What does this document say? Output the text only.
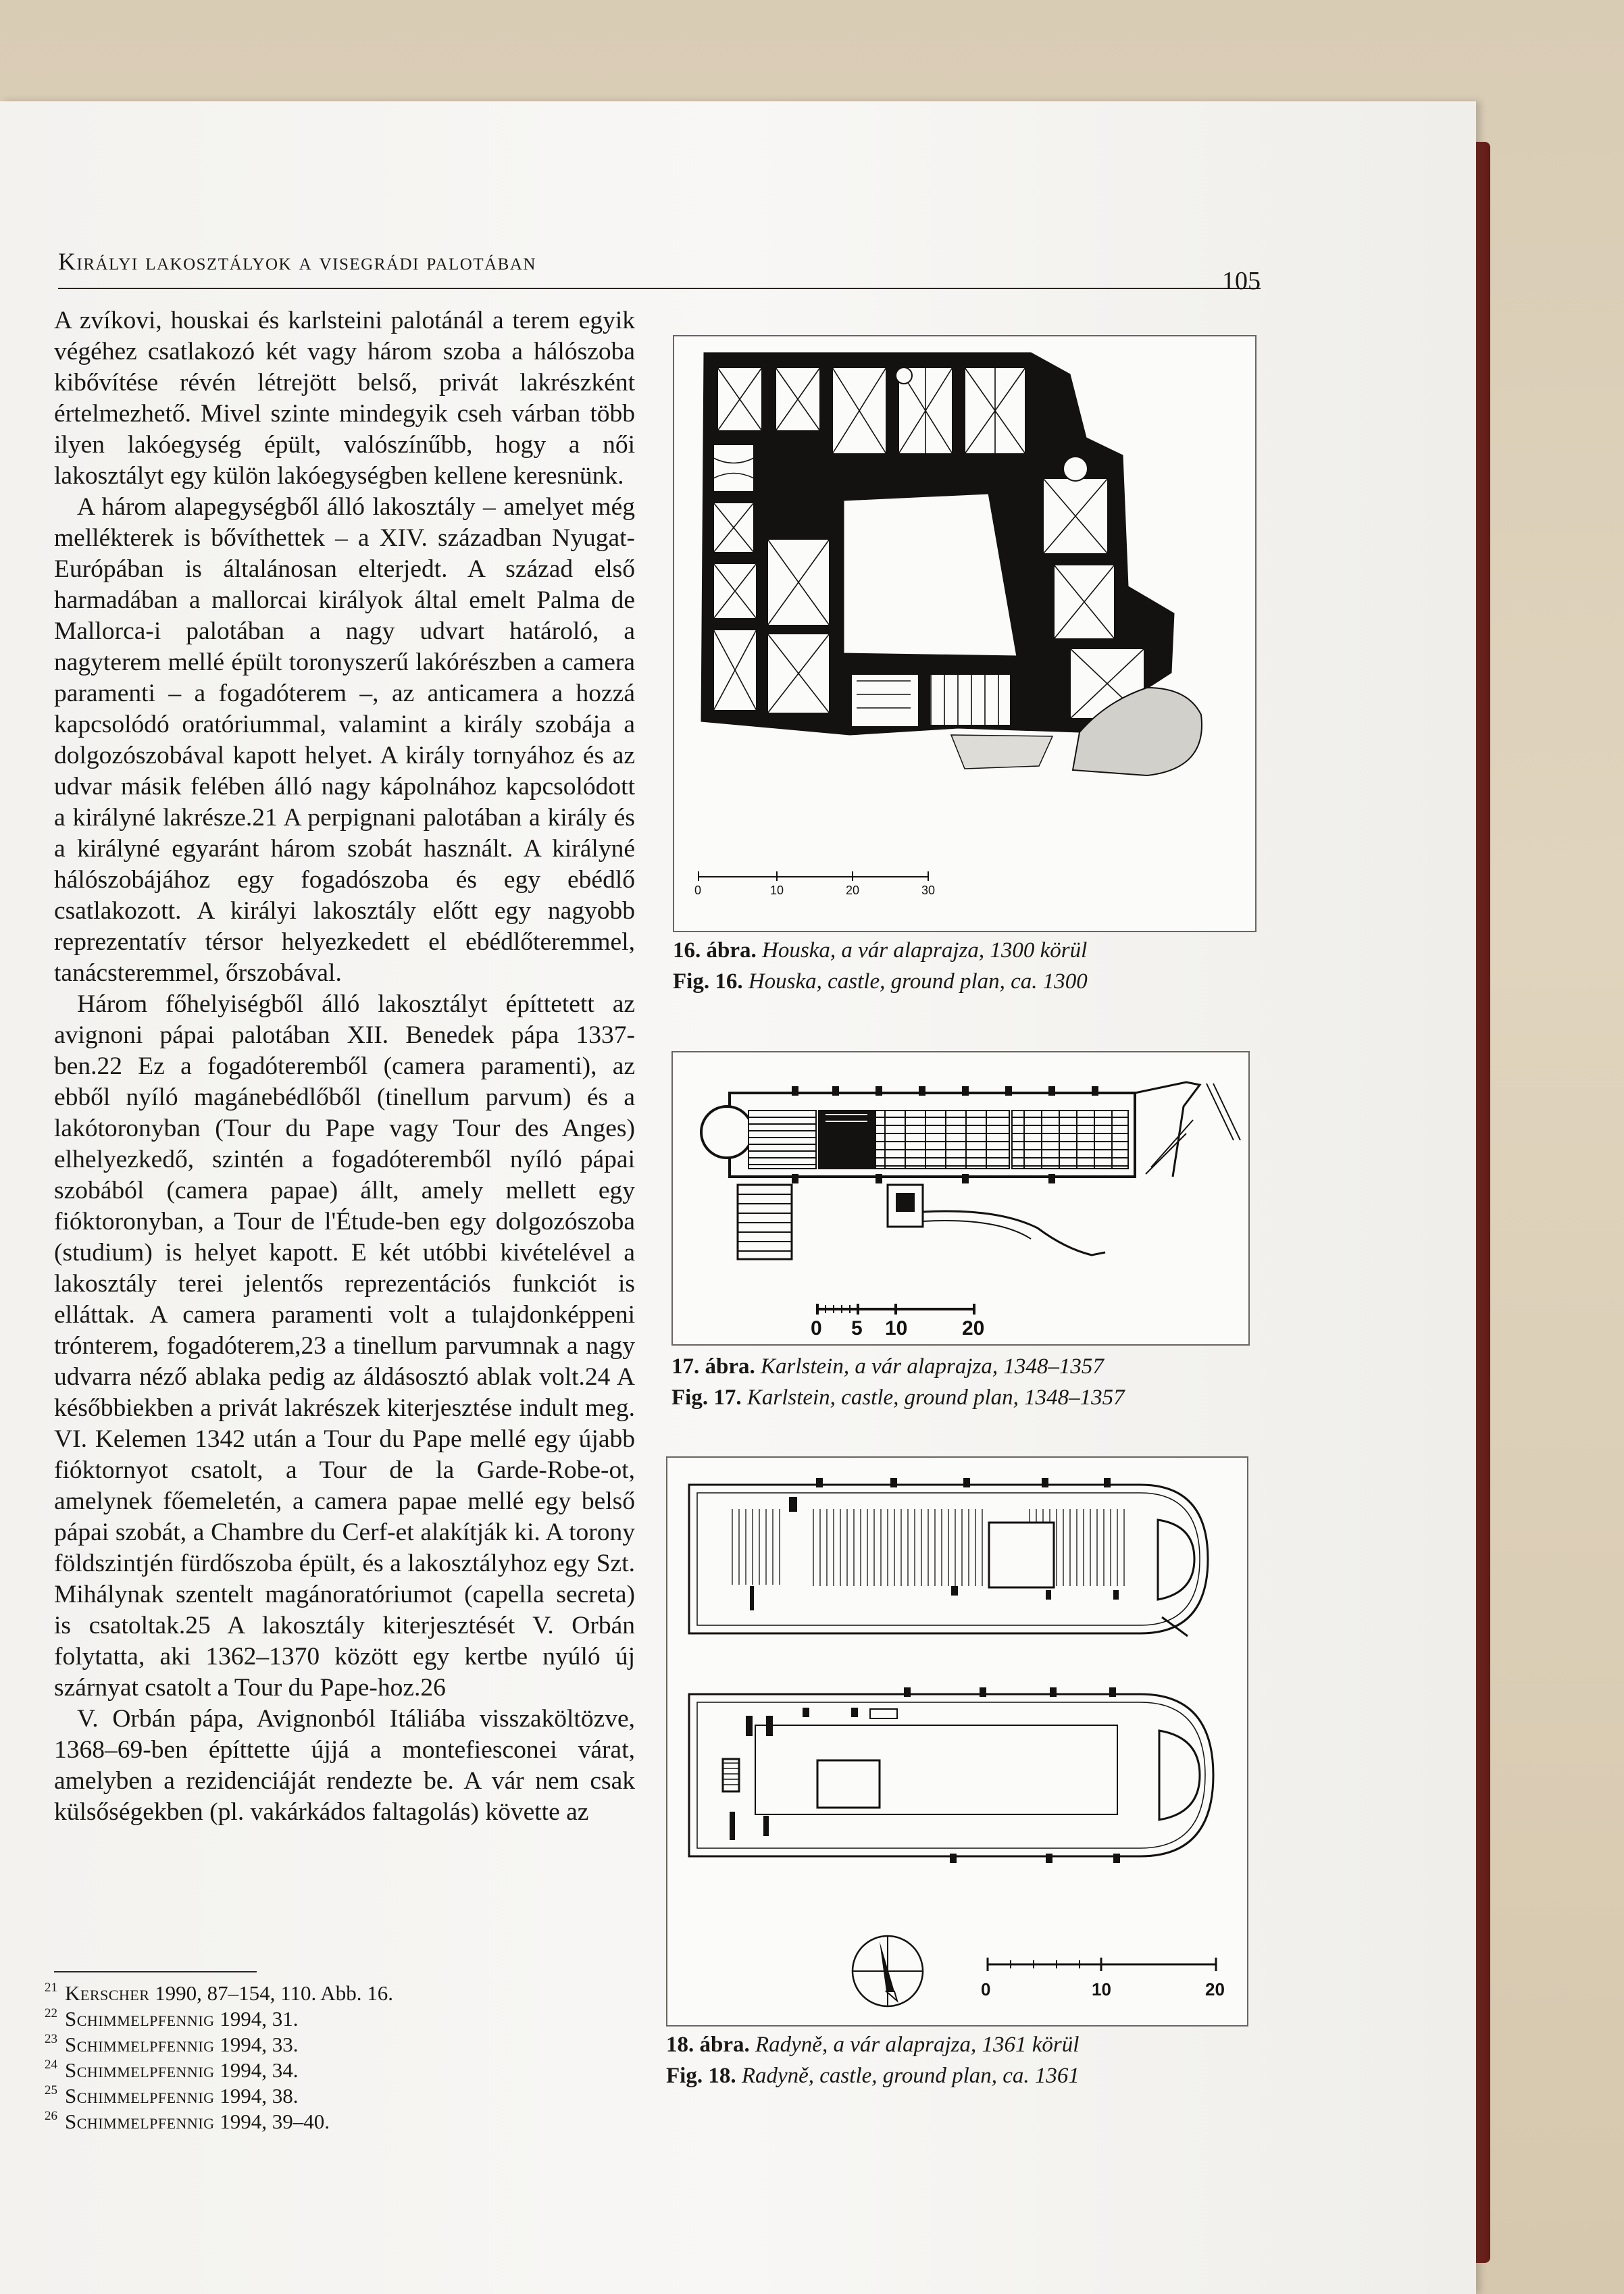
Királyi lakosztályok a visegrádi palotában
105

A zvíkovi, houskai és karlsteini palotánál a terem egyik végéhez csatlakozó két vagy három szoba a hálószoba kibővítése révén létrejött belső, privát lakrészként értelmezhető. Mivel szinte mindegyik cseh várban több ilyen lakóegység épült, valószínűbb, hogy a női lakosztályt egy külön lakóegységben kellene keresnünk.

A három alapegységből álló lakosztály – amelyet még mellékterek is bővíthettek – a XIV. században Nyugat-Európában is általánosan elterjedt. A század első harmadában a mallorcai királyok által emelt Palma de Mallorca-i palotában a nagy udvart határoló, a nagyterem mellé épült toronyszerű lakórészben a camera paramenti – a fogadóterem –, az anticamera a hozzá kapcsolódó oratóriummal, valamint a király szobája a dolgozószobával kapott helyet. A király tornyához és az udvar másik felében álló nagy kápolnához kapcsolódott a királyné lakrésze.21 A perpignani palotában a király és a királyné egyaránt három szobát használt. A királyné hálószobájához egy fogadószoba és egy ebédlő csatlakozott. A királyi lakosztály előtt egy nagyobb reprezentatív térsor helyezkedett el ebédlőteremmel, tanácsteremmel, őrszobával.

Három főhelyiségből álló lakosztályt építtetett az avignoni pápai palotában XII. Benedek pápa 1337-ben.22 Ez a fogadóteremből (camera paramenti), az ebből nyíló magánebédlőből (tinellum parvum) és a lakótoronyban (Tour du Pape vagy Tour des Anges) elhelyezkedő, szintén a fogadóteremből nyíló pápai szobából (camera papae) állt, amely mellett egy fióktoronyban, a Tour de l'Étude-ben egy dolgozószoba (studium) is helyet kapott. E két utóbbi kivételével a lakosztály terei jelentős reprezentációs funkciót is elláttak. A camera paramenti volt a tulajdonképpeni trónterem, fogadóterem,23 a tinellum parvumnak a nagy udvarra néző ablaka pedig az áldásosztó ablak volt.24 A későbbiekben a privát lakrészek kiterjesztése indult meg. VI. Kelemen 1342 után a Tour du Pape mellé egy újabb fióktornyot csatolt, a Tour de la Garde-Robe-ot, amelynek főemeletén, a camera papae mellé egy belső pápai szobát, a Chambre du Cerf-et alakítják ki. A torony földszintjén fürdőszoba épült, és a lakosztályhoz egy Szt. Mihálynak szentelt magánoratóriumot (capella secreta) is csatoltak.25 A lakosztály kiterjesztését V. Orbán folytatta, aki 1362–1370 között egy kertbe nyúló új szárnyat csatolt a Tour du Pape-hoz.26

V. Orbán pápa, Avignonból Itáliába visszaköltözve, 1368–69-ben építtette újjá a montefiesconei várat, amelyben a rezidenciáját rendezte be. A vár nem csak külsőségekben (pl. vakárkádos faltagolás) követte az

$^{21}$ Kerscher 1990, 87–154, 110. Abb. 16.
$^{22}$ Schimmelpfennig 1994, 31.
$^{23}$ Schimmelpfennig 1994, 33.
$^{24}$ Schimmelpfennig 1994, 34.
$^{25}$ Schimmelpfennig 1994, 38.
$^{26}$ Schimmelpfennig 1994, 39–40.
0	10	20	30
16. ábra. Houska, a vár alaprajza, 1300 körül
Fig. 16. Houska, castle, ground plan, ca. 1300
0 5 10	20
17. ábra. Karlstein, a vár alaprajza, 1348–1357
Fig. 17. Karlstein, castle, ground plan, 1348–1357
0	10	20
18. ábra. Radyně, a vár alaprajza, 1361 körül
Fig. 18. Radyně, castle, ground plan, ca. 1361
